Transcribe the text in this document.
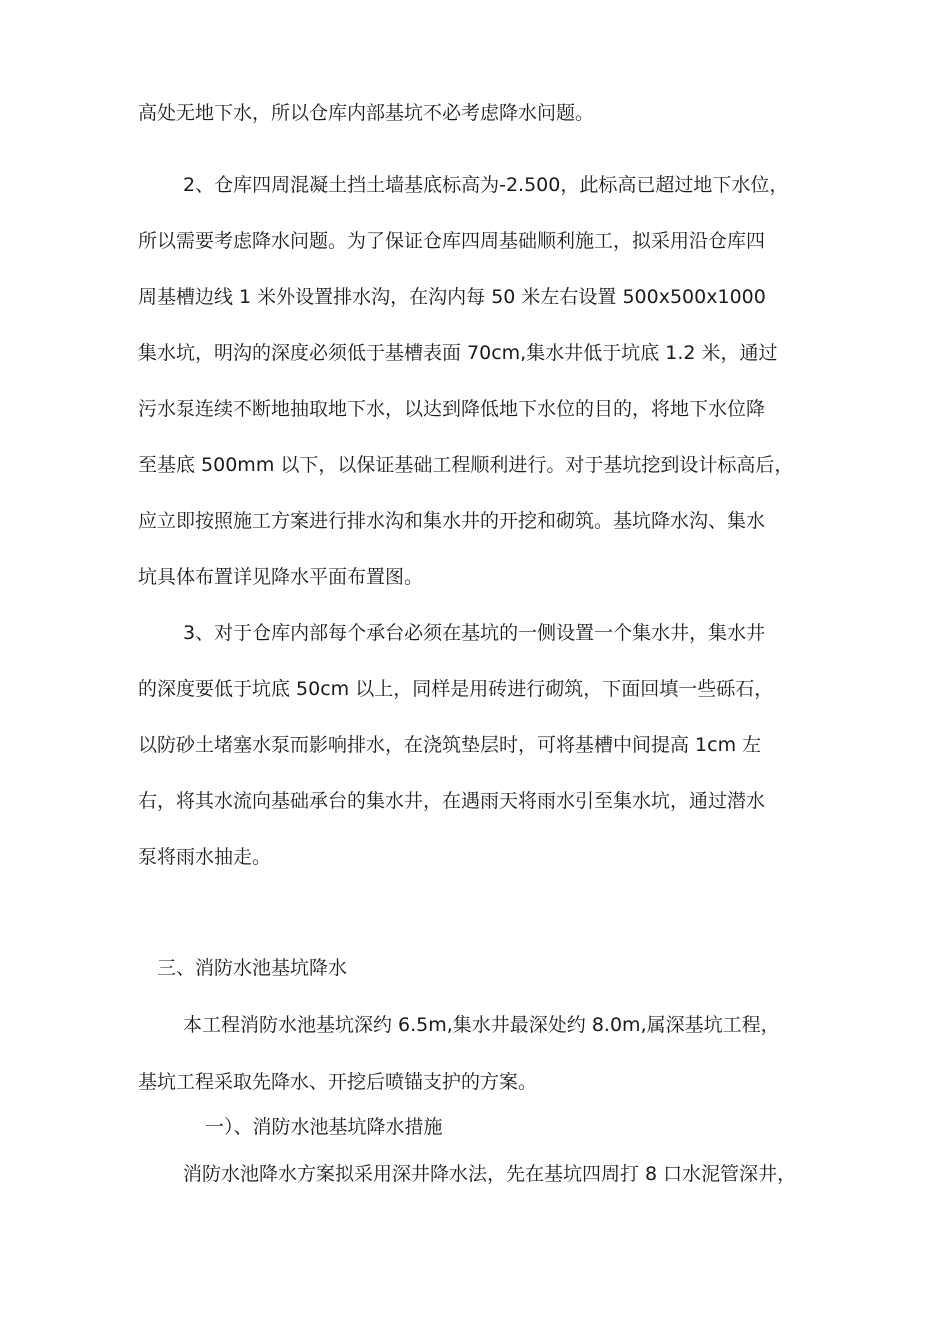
高处无地下水，所以仓库内部基坑不必考虑降水问题。
2、仓库四周混凝土挡土墙基底标高为-2.500，此标高已超过地下水位，
所以需要考虑降水问题。为了保证仓库四周基础顺利施工，拟采用沿仓库四
周基槽边线 1 米外设置排水沟，在沟内每 50 米左右设置 500x500x1000
集水坑，明沟的深度必须低于基槽表面 70cm,集水井低于坑底 1.2 米，通过
污水泵连续不断地抽取地下水，以达到降低地下水位的目的，将地下水位降
至基底 500mm 以下，以保证基础工程顺利进行。对于基坑挖到设计标高后，
应立即按照施工方案进行排水沟和集水井的开挖和砌筑。基坑降水沟、集水
坑具体布置详见降水平面布置图。
3、对于仓库内部每个承台必须在基坑的一侧设置一个集水井，集水井
的深度要低于坑底 50cm 以上，同样是用砖进行砌筑，下面回填一些砾石，
以防砂土堵塞水泵而影响排水，在浇筑垫层时，可将基槽中间提高 1cm 左
右，将其水流向基础承台的集水井，在遇雨天将雨水引至集水坑，通过潜水
泵将雨水抽走。
三、消防水池基坑降水
本工程消防水池基坑深约 6.5m,集水井最深处约 8.0m,属深基坑工程，
基坑工程采取先降水、开挖后喷锚支护的方案。
一）、消防水池基坑降水措施
消防水池降水方案拟采用深井降水法，先在基坑四周打 8 口水泥管深井，
